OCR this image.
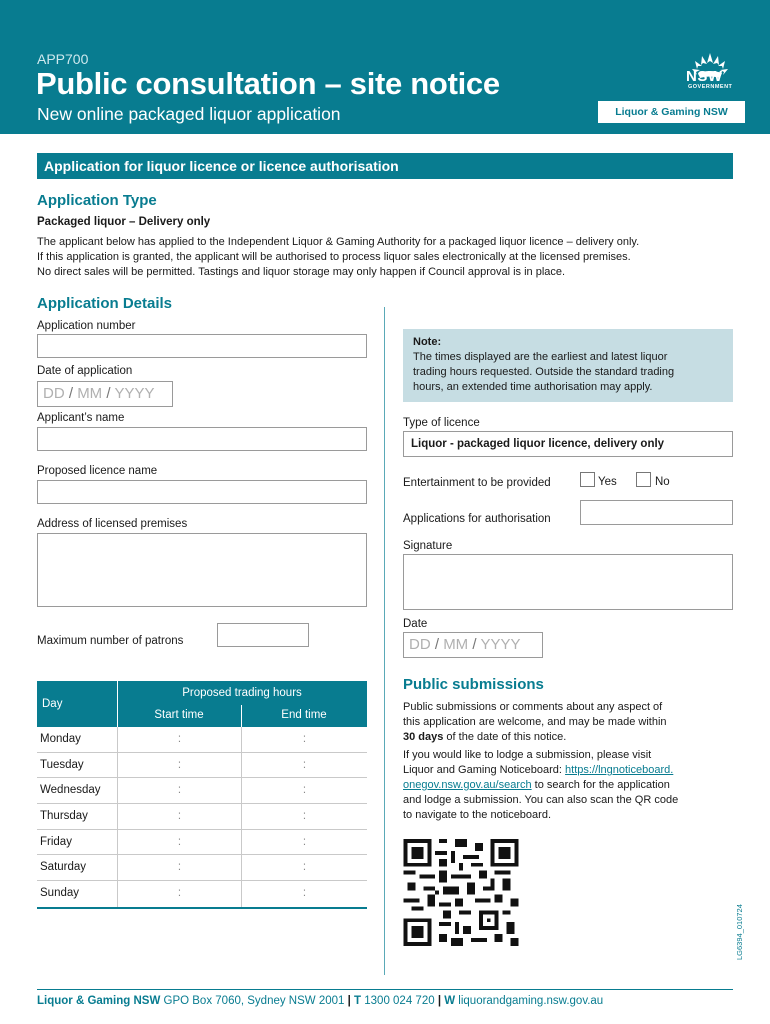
APP700
Public consultation – site notice
New online packaged liquor application
NSW
GOVERNMENT
Liquor & Gaming NSW
Application for liquor licence or licence authorisation
Application Type
Packaged liquor – Delivery only
The applicant below has applied to the Independent Liquor & Gaming Authority for a packaged liquor licence – delivery only.
If this application is granted, the applicant will be authorised to process liquor sales electronically at the licensed premises.
No direct sales will be permitted. Tastings and liquor storage may only happen if Council approval is in place.
Application Details
Application number
Date of application
DD / MM / YYYY
Applicant’s name
Proposed licence name
Address of licensed premises
Maximum number of patrons
Day
Proposed trading hours
Start time	End time
Monday	:	:
Tuesday	:	:
Wednesday	:	:
Thursday	:	:
Friday	:	:
Saturday	:	:
Sunday	:	:
Note:
The times displayed are the earliest and latest liquor
trading hours requested. Outside the standard trading
hours, an extended time authorisation may apply.
Type of licence
Liquor - packaged liquor licence, delivery only
Entertainment to be provided	Yes	No
Applications for authorisation
Signature
Date
DD / MM / YYYY
Public submissions
Public submissions or comments about any aspect of
this application are welcome, and may be made within
30 days of the date of this notice.
If you would like to lodge a submission, please visit
Liquor and Gaming Noticeboard: https://lngnoticeboard.
onegov.nsw.gov.au/search to search for the application
and lodge a submission. You can also scan the QR code
to navigate to the noticeboard.
LG6394_010724
Liquor & Gaming NSW GPO Box 7060, Sydney NSW 2001 | T 1300 024 720 | W liquorandgaming.nsw.gov.au
